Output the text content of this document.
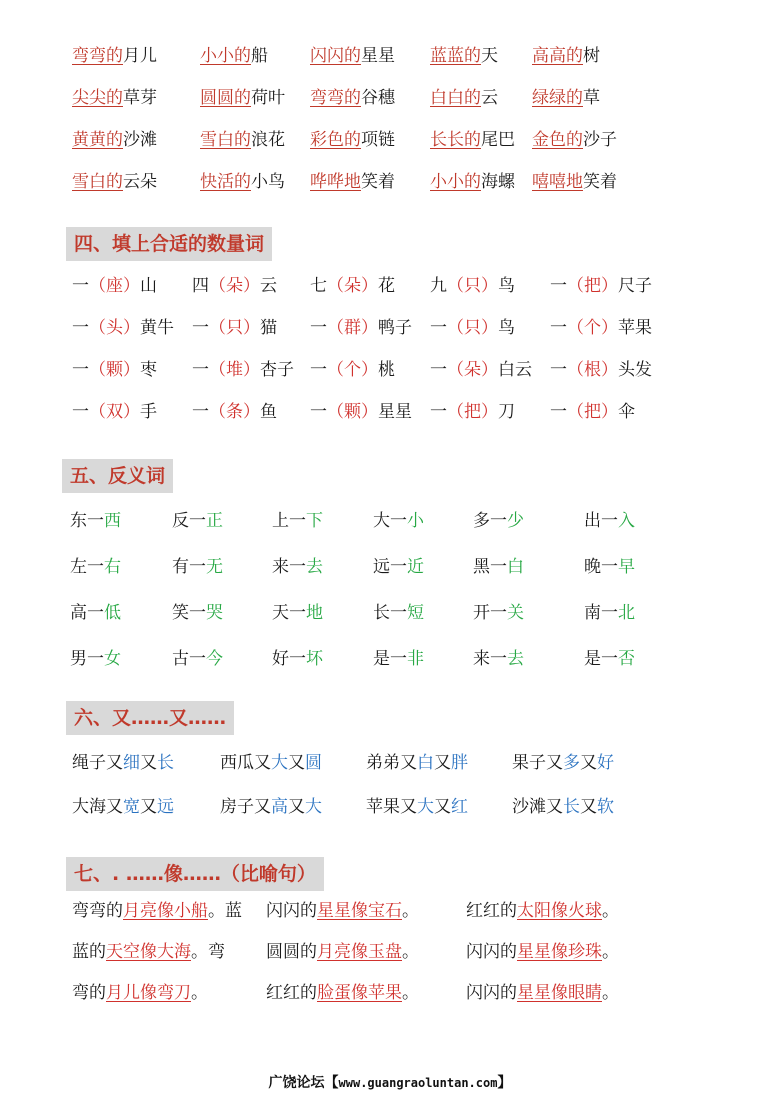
弯弯的月儿	小小的船 闪闪的星星 蓝蓝的天 高高的树
尖尖的草芽	圆圆的荷叶 弯弯的谷穗 白白的云 绿绿的草
黄黄的沙滩	雪白的浪花 彩色的项链 长长的尾巴 金色的沙子
雪白的云朵	快活的小鸟 哗哗地笑着 小小的海螺 嘻嘻地笑着
四、填上合适的数量词
一（座）山 四（朵）云 七（朵）花 九（只）鸟 一（把）尺子
一（头）黄牛 一（只）猫 一（群）鸭子 一（只）鸟 一（个）苹果
一（颗）枣 一（堆）杏子 一（个）桃 一（朵）白云 一（根）头发
一（双）手 一（条）鱼 一（颗）星星 一（把）刀 一（把）伞
五、反义词
东一西	反一正	上一下	大一小	多一少	出一入
左一右	有一无	来一去	远一近	黑一白	晚一早
高一低	笑一哭	天一地	长一短	开一关	南一北
男一女	古一今	好一坏	是一非	来一去	是一否
六、又……又……
绳子又细又长	西瓜又大又圆	弟弟又白又胖	果子又多又好
大海又宽又远	房子又高又大	苹果又大又红	沙滩又长又软
七、. ……像……（比喻句）
弯弯的月亮像小船。蓝 闪闪的星星像宝石。	红红的太阳像火球。
蓝的天空像大海。弯 圆圆的月亮像玉盘。	闪闪的星星像珍珠。
弯的月儿像弯刀。	红红的脸蛋像苹果。	闪闪的星星像眼睛。
广饶论坛【www.guangraoluntan.com】
